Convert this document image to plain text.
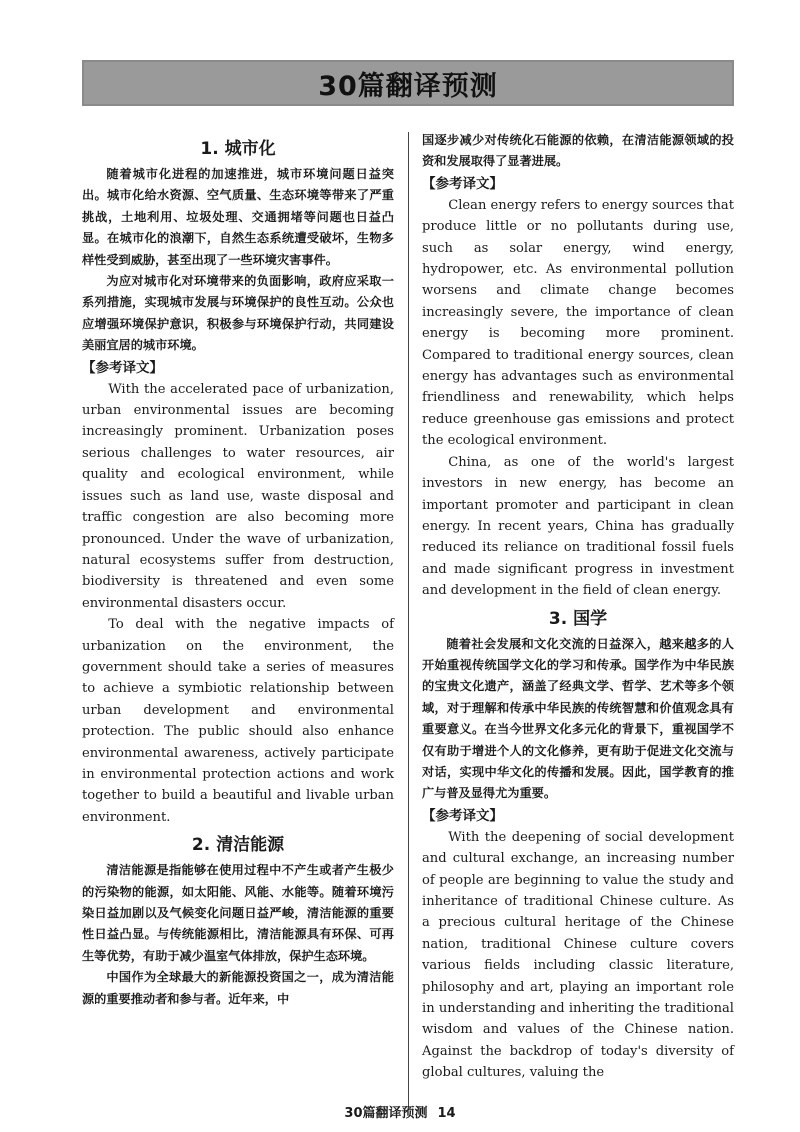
30篇翻译预测
1. 城市化

随着城市化进程的加速推进，城市环境问题日益突出。城市化给水资源、空气质量、生态环境等带来了严重挑战，土地利用、垃圾处理、交通拥堵等问题也日益凸显。在城市化的浪潮下，自然生态系统遭受破坏，生物多样性受到威胁，甚至出现了一些环境灾害事件。

为应对城市化对环境带来的负面影响，政府应采取一系列措施，实现城市发展与环境保护的良性互动。公众也应增强环境保护意识，积极参与环境保护行动，共同建设美丽宜居的城市环境。

【参考译文】

With the accelerated pace of urbanization, urban environmental issues are becoming increasingly prominent. Urbanization poses serious challenges to water resources, air quality and ecological environment, while issues such as land use, waste disposal and traffic congestion are also becoming more pronounced. Under the wave of urbanization, natural ecosystems suffer from destruction, biodiversity is threatened and even some environmental disasters occur.

To deal with the negative impacts of urbanization on the environment, the government should take a series of measures to achieve a symbiotic relationship between urban development and environmental protection. The public should also enhance environmental awareness, actively participate in environmental protection actions and work together to build a beautiful and livable urban environment.

2. 清洁能源

清洁能源是指能够在使用过程中不产生或者产生极少的污染物的能源，如太阳能、风能、水能等。随着环境污染日益加剧以及气候变化问题日益严峻，清洁能源的重要性日益凸显。与传统能源相比，清洁能源具有环保、可再生等优势，有助于减少温室气体排放，保护生态环境。

中国作为全球最大的新能源投资国之一，成为清洁能源的重要推动者和参与者。近年来，中

国逐步减少对传统化石能源的依赖，在清洁能源领域的投资和发展取得了显著进展。

【参考译文】

Clean energy refers to energy sources that produce little or no pollutants during use, such as solar energy, wind energy, hydropower, etc. As environmental pollution worsens and climate change becomes increasingly severe, the importance of clean energy is becoming more prominent. Compared to traditional energy sources, clean energy has advantages such as environmental friendliness and renewability, which helps reduce greenhouse gas emissions and protect the ecological environment.

China, as one of the world's largest investors in new energy, has become an important promoter and participant in clean energy. In recent years, China has gradually reduced its reliance on traditional fossil fuels and made significant progress in investment and development in the field of clean energy.

3. 国学

随着社会发展和文化交流的日益深入，越来越多的人开始重视传统国学文化的学习和传承。国学作为中华民族的宝贵文化遗产，涵盖了经典文学、哲学、艺术等多个领域，对于理解和传承中华民族的传统智慧和价值观念具有重要意义。在当今世界文化多元化的背景下，重视国学不仅有助于增进个人的文化修养，更有助于促进文化交流与对话，实现中华文化的传播和发展。因此，国学教育的推广与普及显得尤为重要。

【参考译文】

With the deepening of social development and cultural exchange, an increasing number of people are beginning to value the study and inheritance of traditional Chinese culture. As a precious cultural heritage of the Chinese nation, traditional Chinese culture covers various fields including classic literature, philosophy and art, playing an important role in understanding and inheriting the traditional wisdom and values of the Chinese nation. Against the backdrop of today's diversity of global cultures, valuing the

30篇翻译预测 14
